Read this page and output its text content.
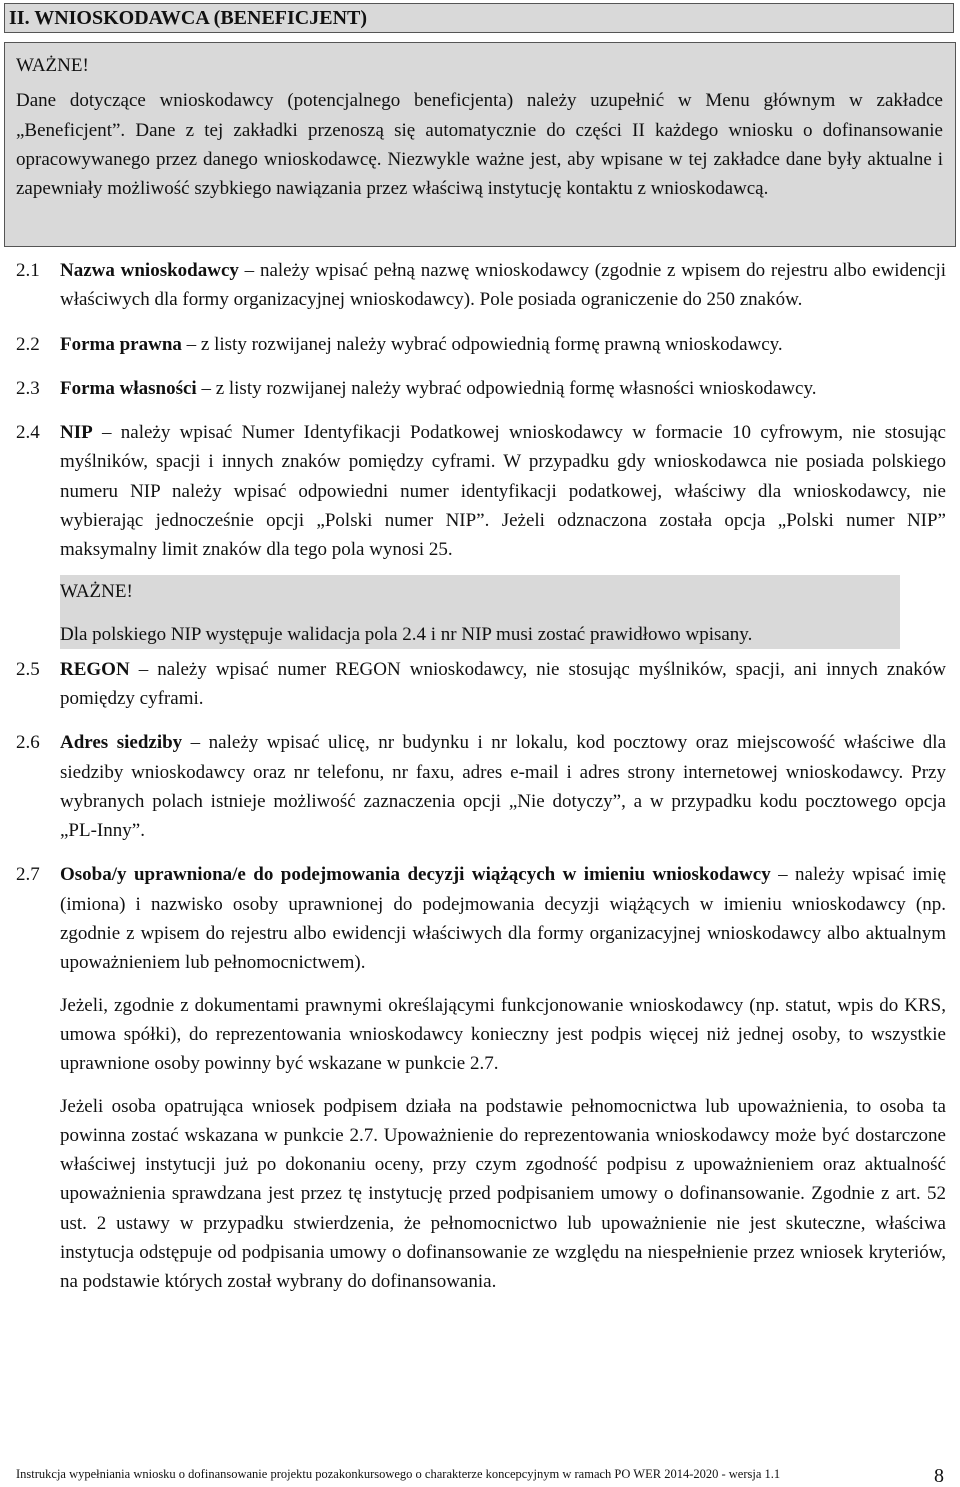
II. WNIOSKODAWCA (BENEFICJENT)

WAŻNE!

Dane dotyczące wnioskodawcy (potencjalnego beneficjenta) należy uzupełnić w Menu głównym w zakładce „Beneficjent”. Dane z tej zakładki przenoszą się automatycznie do części II każdego wniosku o dofinansowanie opracowywanego przez danego wnioskodawcę. Niezwykle ważne jest, aby wpisane w tej zakładce dane były aktualne i zapewniały możliwość szybkiego nawiązania przez właściwą instytucję kontaktu z wnioskodawcą.

2.1 Nazwa wnioskodawcy – należy wpisać pełną nazwę wnioskodawcy (zgodnie z wpisem do rejestru albo ewidencji właściwych dla formy organizacyjnej wnioskodawcy). Pole posiada ograniczenie do 250 znaków.

2.2 Forma prawna – z listy rozwijanej należy wybrać odpowiednią formę prawną wnioskodawcy.

2.3 Forma własności – z listy rozwijanej należy wybrać odpowiednią formę własności wnioskodawcy.

2.4 NIP – należy wpisać Numer Identyfikacji Podatkowej wnioskodawcy w formacie 10 cyfrowym, nie stosując myślników, spacji i innych znaków pomiędzy cyframi. W przypadku gdy wnioskodawca nie posiada polskiego numeru NIP należy wpisać odpowiedni numer identyfikacji podatkowej, właściwy dla wnioskodawcy, nie wybierając jednocześnie opcji „Polski numer NIP”. Jeżeli odznaczona została opcja „Polski numer NIP” maksymalny limit znaków dla tego pola wynosi 25.

WAŻNE!
Dla polskiego NIP występuje walidacja pola 2.4 i nr NIP musi zostać prawidłowo wpisany.
2.5 REGON – należy wpisać numer REGON wnioskodawcy, nie stosując myślników, spacji, ani innych znaków pomiędzy cyframi.

2.6 Adres siedziby – należy wpisać ulicę, nr budynku i nr lokalu, kod pocztowy oraz miejscowość właściwe dla siedziby wnioskodawcy oraz nr telefonu, nr faxu, adres e-mail i adres strony internetowej wnioskodawcy. Przy wybranych polach istnieje możliwość zaznaczenia opcji „Nie dotyczy”, a w przypadku kodu pocztowego opcja „PL-Inny”.

2.7 Osoba/y uprawniona/e do podejmowania decyzji wiążących w imieniu wnioskodawcy – należy wpisać imię (imiona) i nazwisko osoby uprawnionej do podejmowania decyzji wiążących w imieniu wnioskodawcy (np. zgodnie z wpisem do rejestru albo ewidencji właściwych dla formy organizacyjnej wnioskodawcy albo aktualnym upoważnieniem lub pełnomocnictwem).

Jeżeli, zgodnie z dokumentami prawnymi określającymi funkcjonowanie wnioskodawcy (np. statut, wpis do KRS, umowa spółki), do reprezentowania wnioskodawcy konieczny jest podpis więcej niż jednej osoby, to wszystkie uprawnione osoby powinny być wskazane w punkcie 2.7.

Jeżeli osoba opatrująca wniosek podpisem działa na podstawie pełnomocnictwa lub upoważnienia, to osoba ta powinna zostać wskazana w punkcie 2.7. Upoważnienie do reprezentowania wnioskodawcy może być dostarczone właściwej instytucji już po dokonaniu oceny, przy czym zgodność podpisu z upoważnieniem oraz aktualność upoważnienia sprawdzana jest przez tę instytucję przed podpisaniem umowy o dofinansowanie. Zgodnie z art. 52 ust. 2 ustawy w przypadku stwierdzenia, że pełnomocnictwo lub upoważnienie nie jest skuteczne, właściwa instytucja odstępuje od podpisania umowy o dofinansowanie ze względu na niespełnienie przez wniosek kryteriów, na podstawie których został wybrany do dofinansowania.

Instrukcja wypełniania wniosku o dofinansowanie projektu pozakonkursowego o charakterze koncepcyjnym w ramach PO WER 2014-2020 - wersja 1.1	8
